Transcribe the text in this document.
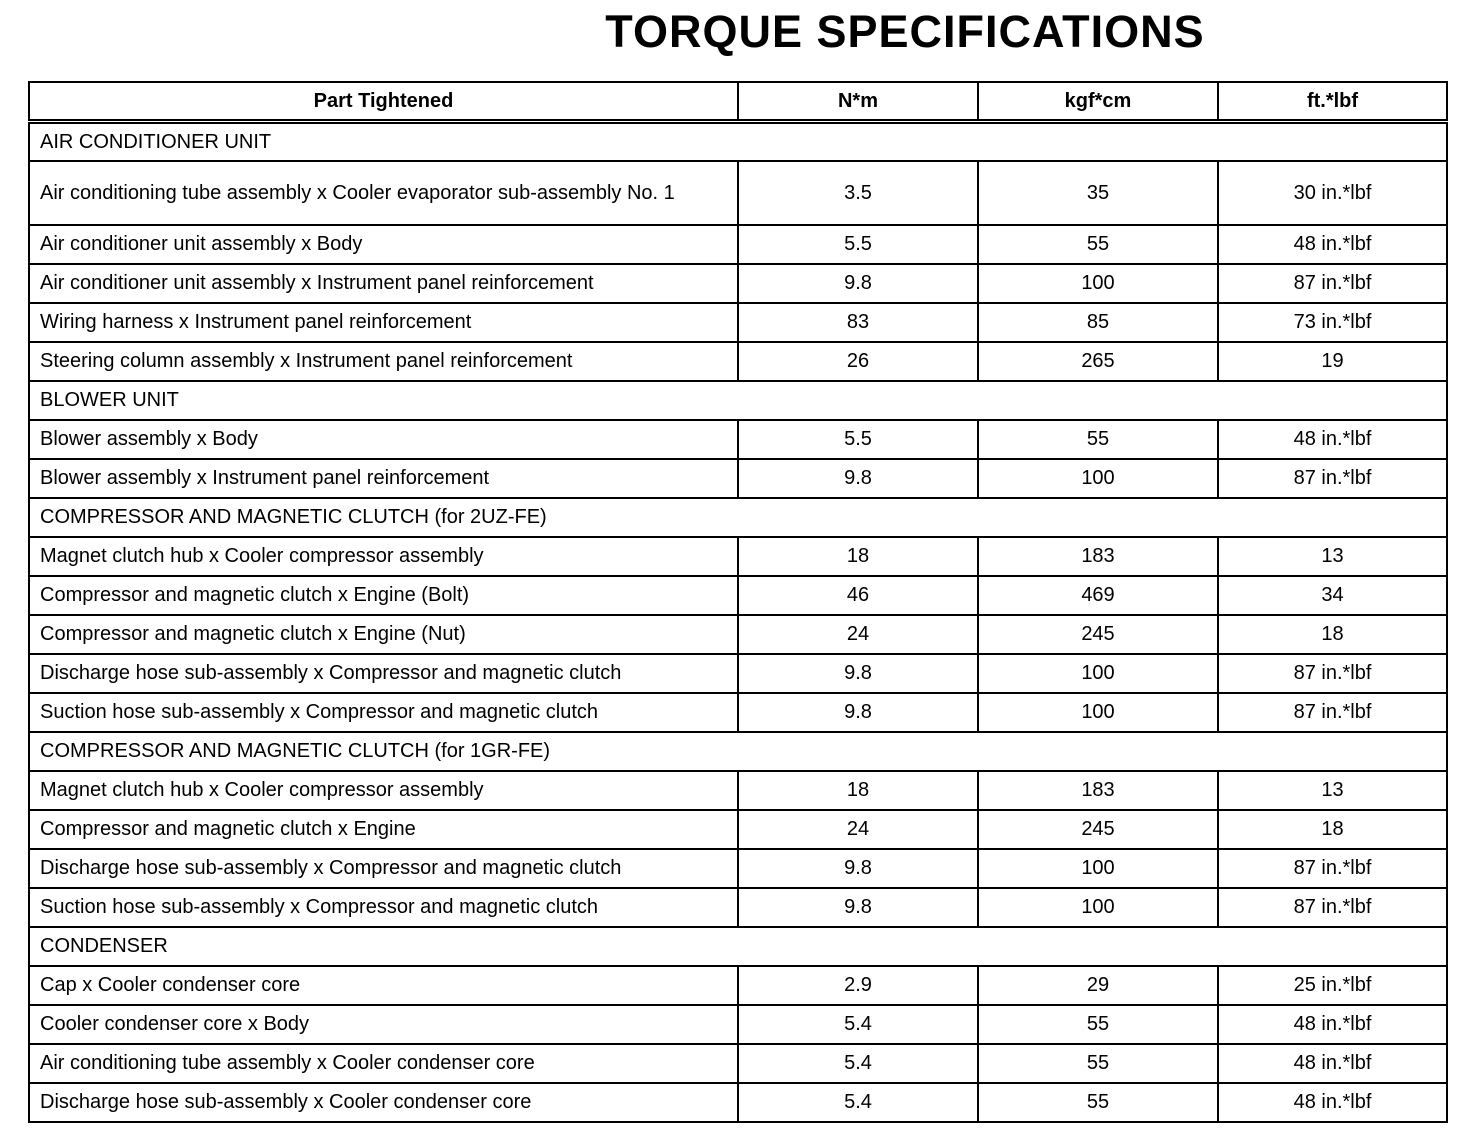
TORQUE SPECIFICATIONS
Part Tightened	N*m	kgf*cm	ft.*lbf
AIR CONDITIONER UNIT			
Air conditioning tube assembly x Cooler evaporator sub-assembly No. 1	3.5	35	30 in.*lbf
Air conditioner unit assembly x Body	5.5	55	48 in.*lbf
Air conditioner unit assembly x Instrument panel reinforcement	9.8	100	87 in.*lbf
Wiring harness x Instrument panel reinforcement	83	85	73 in.*lbf
Steering column assembly x Instrument panel reinforcement	26	265	19
BLOWER UNIT			
Blower assembly x Body	5.5	55	48 in.*lbf
Blower assembly x Instrument panel reinforcement	9.8	100	87 in.*lbf
COMPRESSOR AND MAGNETIC CLUTCH (for 2UZ-FE)			
Magnet clutch hub x Cooler compressor assembly	18	183	13
Compressor and magnetic clutch x Engine (Bolt)	46	469	34
Compressor and magnetic clutch x Engine (Nut)	24	245	18
Discharge hose sub-assembly x Compressor and magnetic clutch	9.8	100	87 in.*lbf
Suction hose sub-assembly x Compressor and magnetic clutch	9.8	100	87 in.*lbf
COMPRESSOR AND MAGNETIC CLUTCH (for 1GR-FE)			
Magnet clutch hub x Cooler compressor assembly	18	183	13
Compressor and magnetic clutch x Engine	24	245	18
Discharge hose sub-assembly x Compressor and magnetic clutch	9.8	100	87 in.*lbf
Suction hose sub-assembly x Compressor and magnetic clutch	9.8	100	87 in.*lbf
CONDENSER			
Cap x Cooler condenser core	2.9	29	25 in.*lbf
Cooler condenser core x Body	5.4	55	48 in.*lbf
Air conditioning tube assembly x Cooler condenser core	5.4	55	48 in.*lbf
Discharge hose sub-assembly x Cooler condenser core	5.4	55	48 in.*lbf
